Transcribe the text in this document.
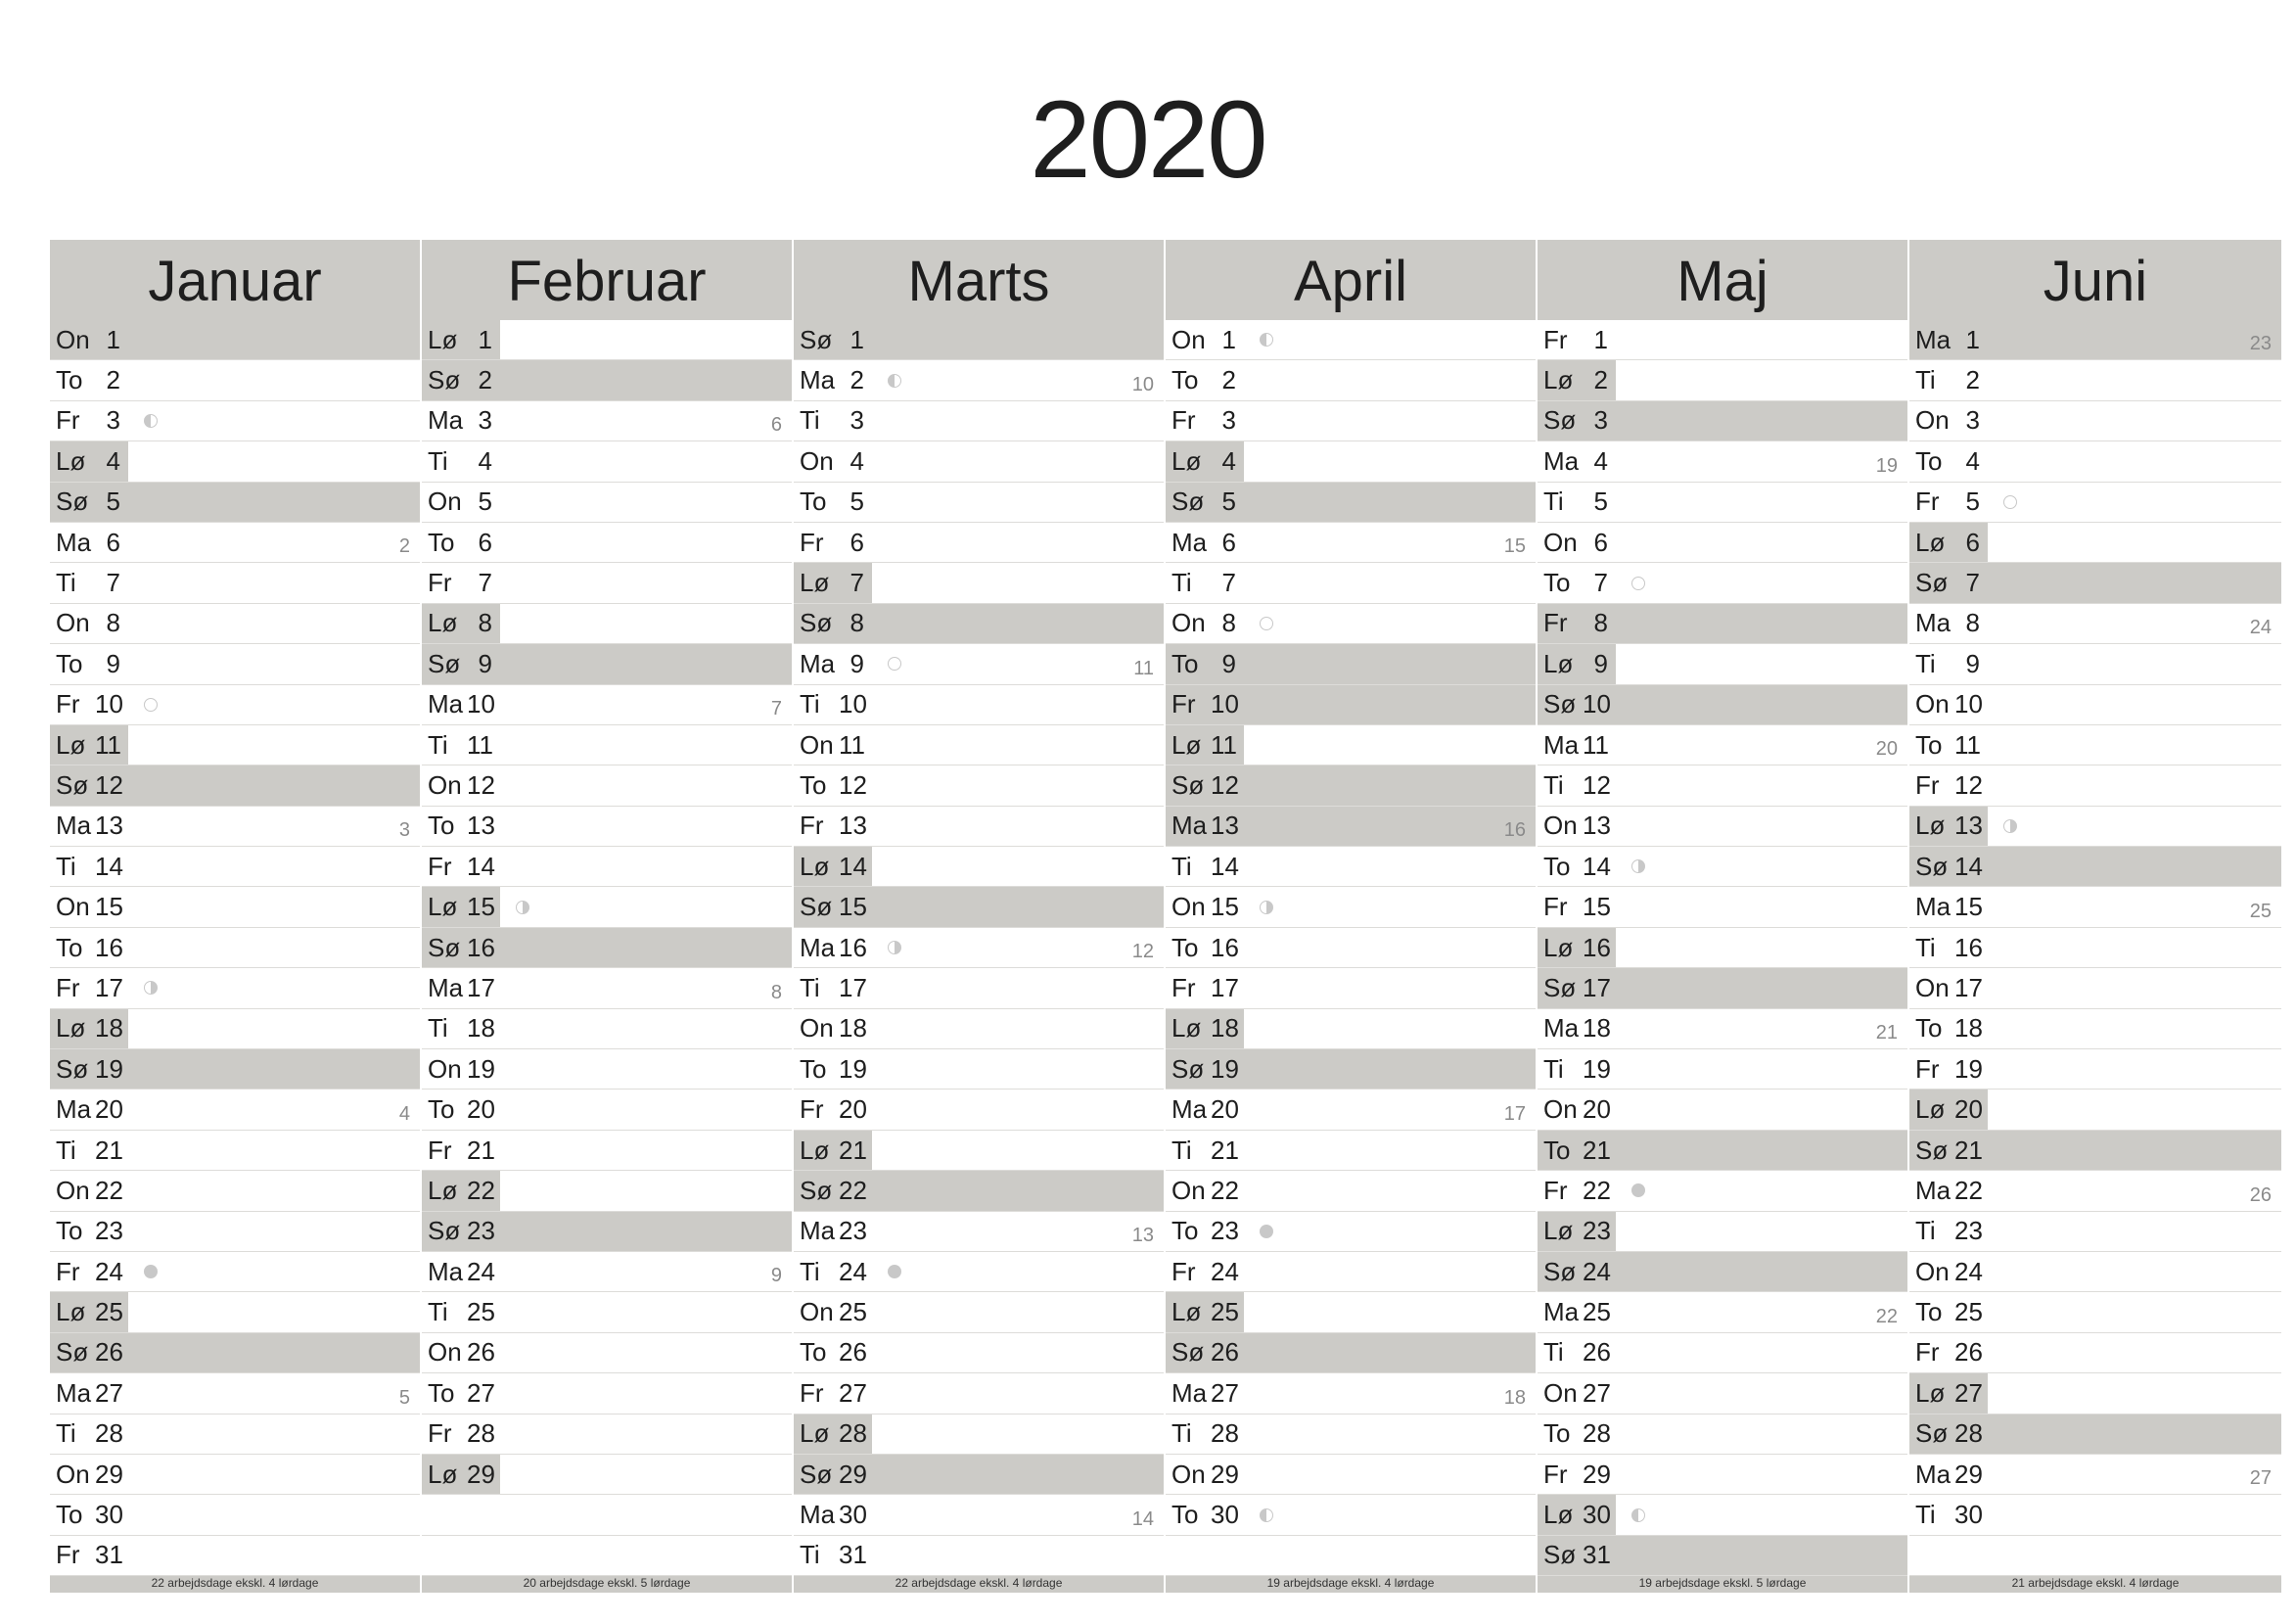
2020
Januar
On 1
To 2
Fr	3
Lø 4
Sø 5
Ma 6	2
Ti	7
On 8
To 9
Fr 10
Lø 11
Sø 12
Ma 13	3
Ti 14
On 15
To 16
Fr 17
Lø 18
Sø 19
Ma 20	4
Ti 21
On 22
To 23
Fr 24
Lø 25
Sø 26
Ma 27	5
Ti 28
On 29
To 30
Fr 31
22 arbejdsdage ekskl. 4 lørdage
Februar
Lø 1
Sø 2
Ma 3	6
Ti	4
On 5
To 6
Fr	7
Lø 8
Sø 9
Ma 10	7
Ti 11
On 12
To 13
Fr 14
Lø 15
Sø 16
Ma 17	8
Ti 18
On 19
To 20
Fr 21
Lø 22
Sø 23
Ma 24	9
Ti 25
On 26
To 27
Fr 28
Lø 29
20 arbejdsdage ekskl. 5 lørdage
Marts
Sø 1
Ma 2	10
Ti	3
On 4
To 5
Fr	6
Lø 7
Sø 8
Ma 9	11
Ti 10
On 11
To 12
Fr 13
Lø 14
Sø 15
Ma 16	12
Ti 17
On 18
To 19
Fr 20
Lø 21
Sø 22
Ma 23	13
Ti 24
On 25
To 26
Fr 27
Lø 28
Sø 29
Ma 30	14
Ti 31
22 arbejdsdage ekskl. 4 lørdage
April
On 1
To 2
Fr	3
Lø 4
Sø 5
Ma 6	15
Ti	7
On 8
To 9
Fr 10
Lø 11
Sø 12
Ma 13	16
Ti 14
On 15
To 16
Fr 17
Lø 18
Sø 19
Ma 20	17
Ti 21
On 22
To 23
Fr 24
Lø 25
Sø 26
Ma 27	18
Ti 28
On 29
To 30
19 arbejdsdage ekskl. 4 lørdage
Maj
Fr	1
Lø 2
Sø 3
Ma 4	19
Ti	5
On 6
To 7
Fr	8
Lø 9
Sø 10
Ma 11	20
Ti 12
On 13
To 14
Fr 15
Lø 16
Sø 17
Ma 18	21
Ti 19
On 20
To 21
Fr 22
Lø 23
Sø 24
Ma 25	22
Ti 26
On 27
To 28
Fr 29
Lø 30
Sø 31
19 arbejdsdage ekskl. 5 lørdage
Juni
Ma 1	23
Ti	2
On 3
To 4
Fr	5
Lø 6
Sø 7
Ma 8	24
Ti	9
On 10
To 11
Fr 12
Lø 13
Sø 14
Ma 15	25
Ti 16
On 17
To 18
Fr 19
Lø 20
Sø 21
Ma 22	26
Ti 23
On 24
To 25
Fr 26
Lø 27
Sø 28
Ma 29	27
Ti 30
21 arbejdsdage ekskl. 4 lørdage
